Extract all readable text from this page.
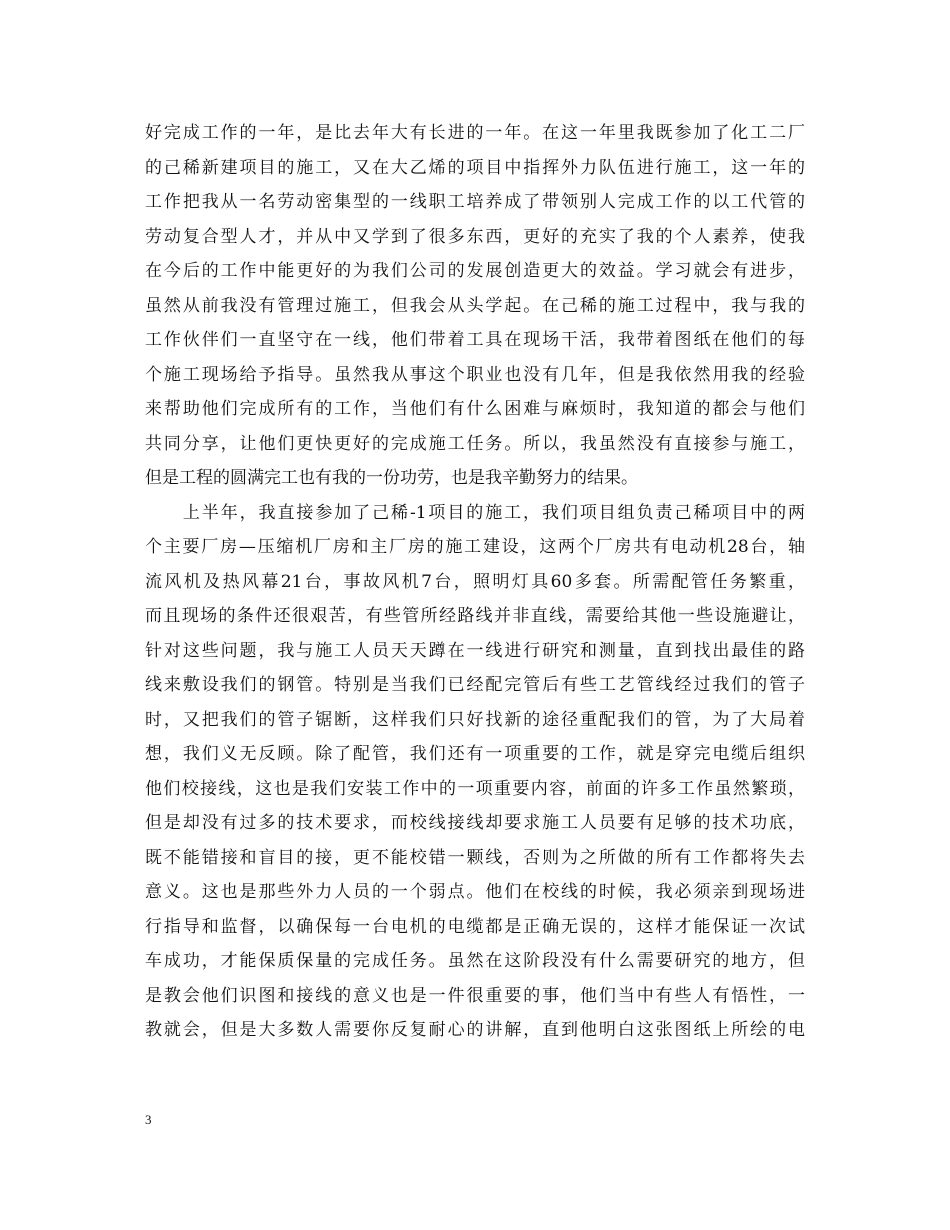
好完成工作的一年，是比去年大有长进的一年。在这一年里我既参加了化工二厂
的己稀新建项目的施工，又在大乙烯的项目中指挥外力队伍进行施工，这一年的
工作把我从一名劳动密集型的一线职工培养成了带领别人完成工作的以工代管的
劳动复合型人才，并从中又学到了很多东西，更好的充实了我的个人素养，使我
在今后的工作中能更好的为我们公司的发展创造更大的效益。学习就会有进步，
虽然从前我没有管理过施工，但我会从头学起。在己稀的施工过程中，我与我的
工作伙伴们一直坚守在一线，他们带着工具在现场干活，我带着图纸在他们的每
个施工现场给予指导。虽然我从事这个职业也没有几年，但是我依然用我的经验
来帮助他们完成所有的工作，当他们有什么困难与麻烦时，我知道的都会与他们
共同分享，让他们更快更好的完成施工任务。所以，我虽然没有直接参与施工，
但是工程的圆满完工也有我的一份功劳，也是我辛勤努力的结果。
　　上半年，我直接参加了己稀-1项目的施工，我们项目组负责己稀项目中的两
个主要厂房—压缩机厂房和主厂房的施工建设，这两个厂房共有电动机28台，轴
流风机及热风幕21台，事故风机7台，照明灯具60多套。所需配管任务繁重，
而且现场的条件还很艰苦，有些管所经路线并非直线，需要给其他一些设施避让，
针对这些问题，我与施工人员天天蹲在一线进行研究和测量，直到找出最佳的路
线来敷设我们的钢管。特别是当我们已经配完管后有些工艺管线经过我们的管子
时，又把我们的管子锯断，这样我们只好找新的途径重配我们的管，为了大局着
想，我们义无反顾。除了配管，我们还有一项重要的工作，就是穿完电缆后组织
他们校接线，这也是我们安装工作中的一项重要内容，前面的许多工作虽然繁琐，
但是却没有过多的技术要求，而校线接线却要求施工人员要有足够的技术功底，
既不能错接和盲目的接，更不能校错一颗线，否则为之所做的所有工作都将失去
意义。这也是那些外力人员的一个弱点。他们在校线的时候，我必须亲到现场进
行指导和监督，以确保每一台电机的电缆都是正确无误的，这样才能保证一次试
车成功，才能保质保量的完成任务。虽然在这阶段没有什么需要研究的地方，但
是教会他们识图和接线的意义也是一件很重要的事，他们当中有些人有悟性，一
教就会，但是大多数人需要你反复耐心的讲解，直到他明白这张图纸上所绘的电
3
